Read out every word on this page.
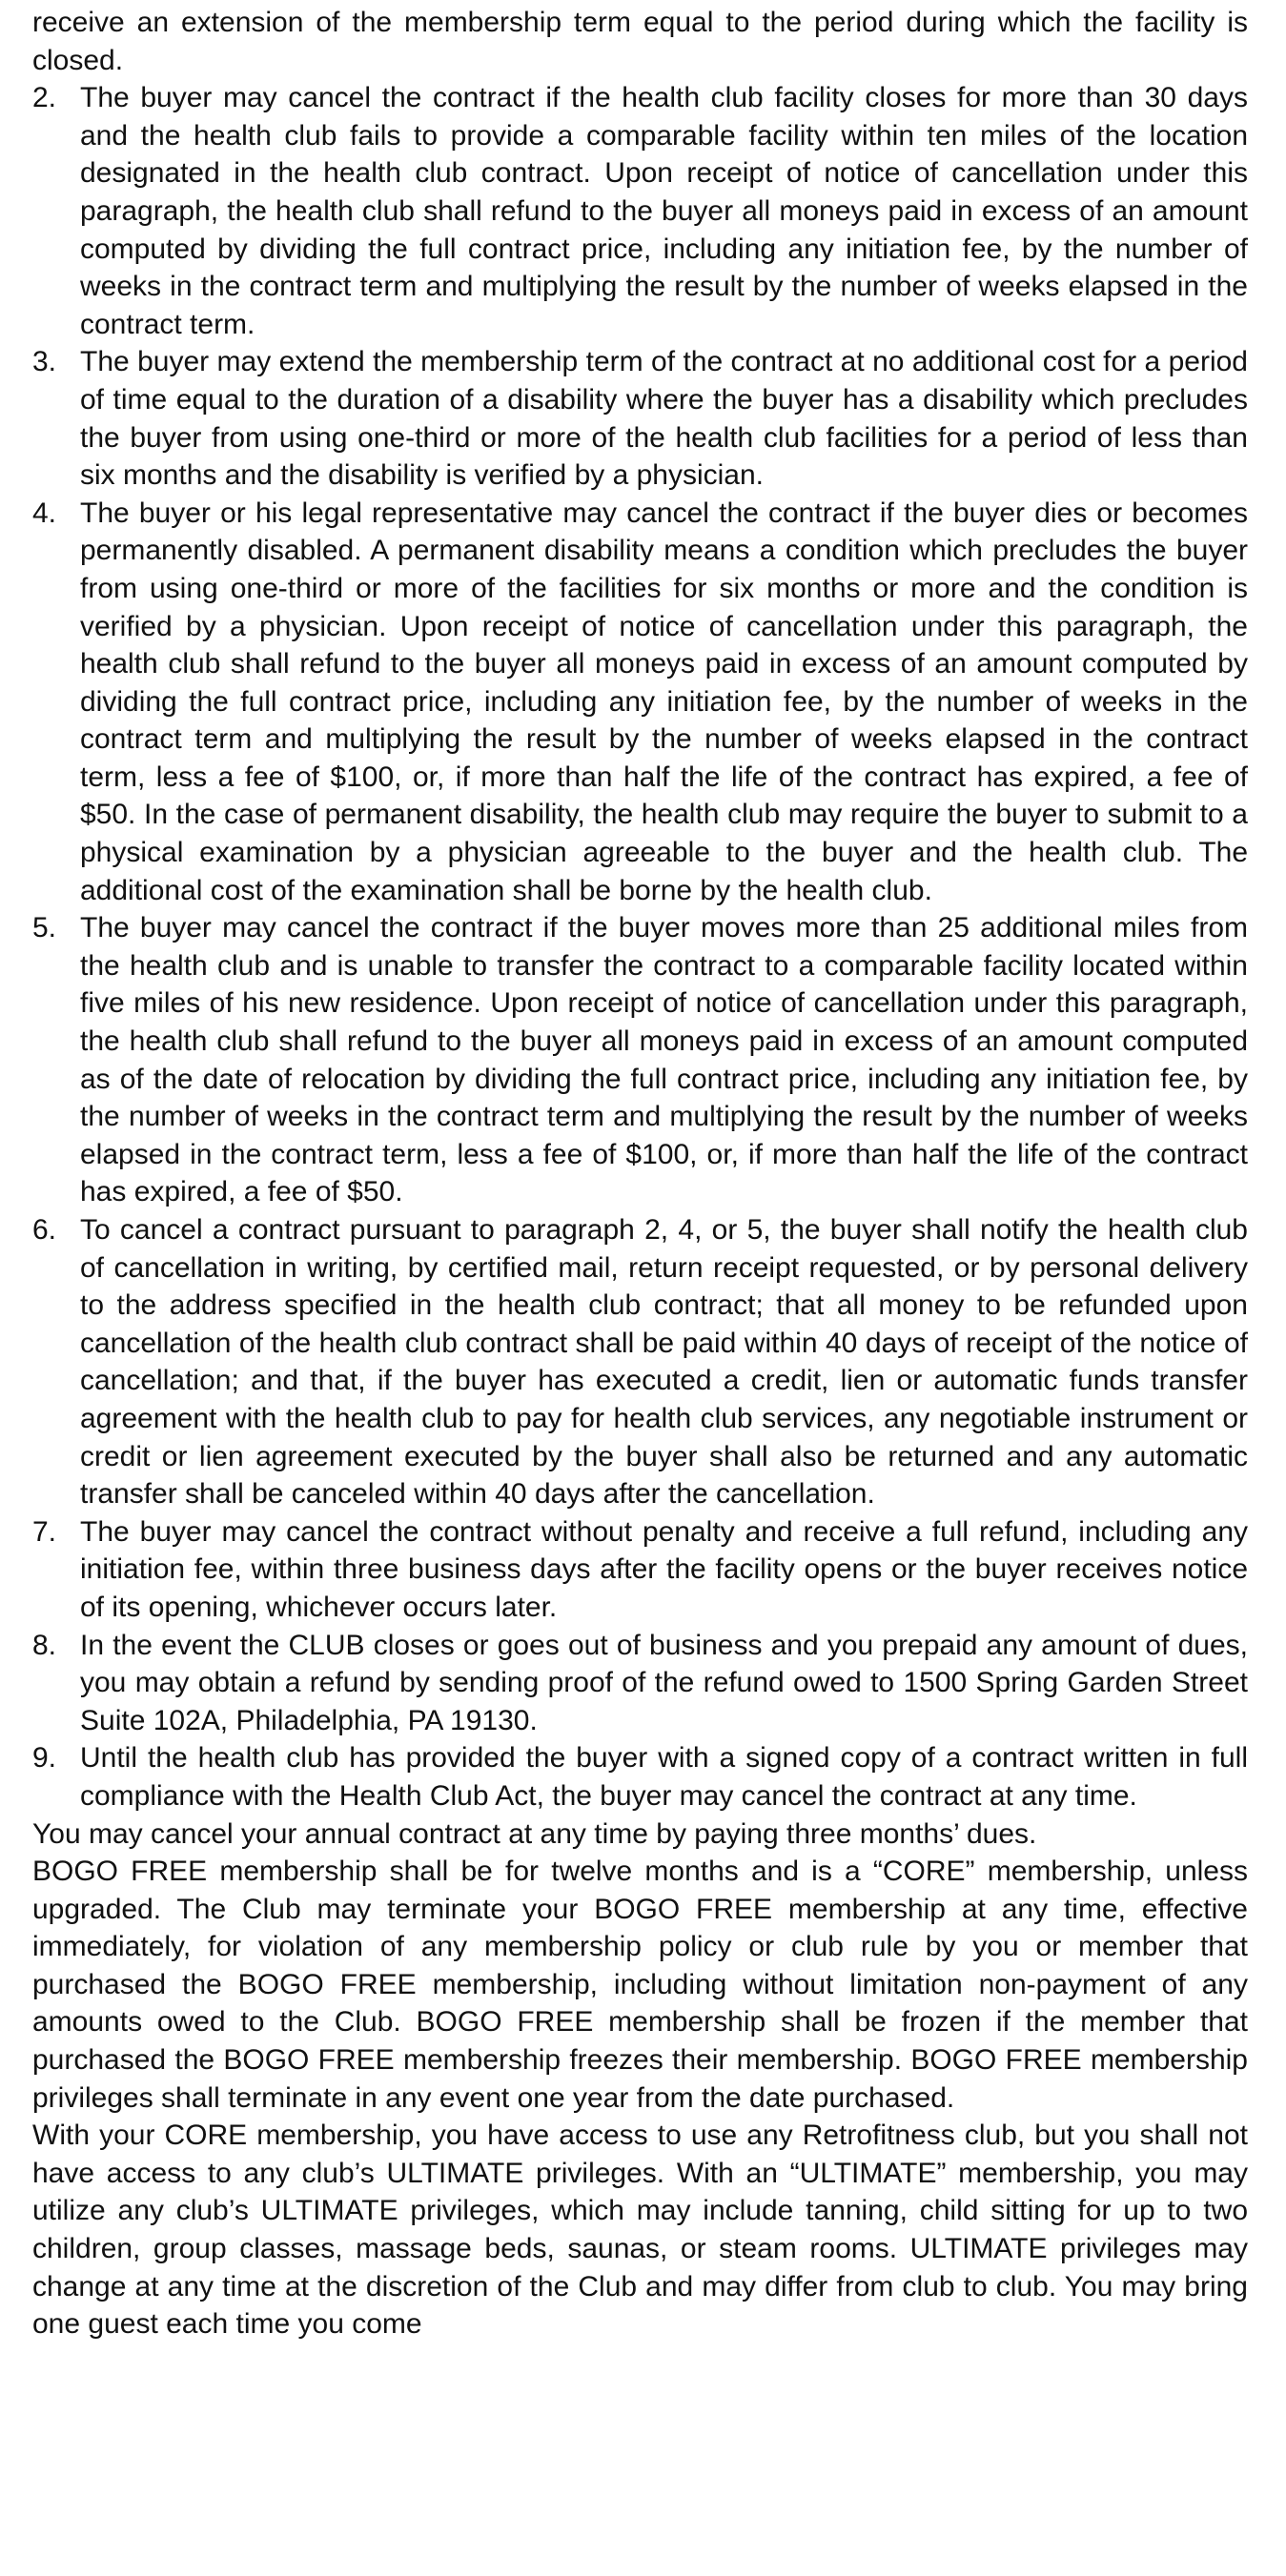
receive an extension of the membership term equal to the period during which the facility is closed.

2. The buyer may cancel the contract if the health club facility closes for more than 30 days and the health club fails to provide a comparable facility within ten miles of the location designated in the health club contract. Upon receipt of notice of cancellation under this paragraph, the health club shall refund to the buyer all moneys paid in excess of an amount computed by dividing the full contract price, including any initiation fee, by the number of weeks in the contract term and multiplying the result by the number of weeks elapsed in the contract term.
3. The buyer may extend the membership term of the contract at no additional cost for a period of time equal to the duration of a disability where the buyer has a disability which precludes the buyer from using one-third or more of the health club facilities for a period of less than six months and the disability is verified by a physician.
4. The buyer or his legal representative may cancel the contract if the buyer dies or becomes permanently disabled. A permanent disability means a condition which precludes the buyer from using one-third or more of the facilities for six months or more and the condition is verified by a physician. Upon receipt of notice of cancellation under this paragraph, the health club shall refund to the buyer all moneys paid in excess of an amount computed by dividing the full contract price, including any initiation fee, by the number of weeks in the contract term and multiplying the result by the number of weeks elapsed in the contract term, less a fee of $100, or, if more than half the life of the contract has expired, a fee of $50. In the case of permanent disability, the health club may require the buyer to submit to a physical examination by a physician agreeable to the buyer and the health club. The additional cost of the examination shall be borne by the health club.
5. The buyer may cancel the contract if the buyer moves more than 25 additional miles from the health club and is unable to transfer the contract to a comparable facility located within five miles of his new residence. Upon receipt of notice of cancellation under this paragraph, the health club shall refund to the buyer all moneys paid in excess of an amount computed as of the date of relocation by dividing the full contract price, including any initiation fee, by the number of weeks in the contract term and multiplying the result by the number of weeks elapsed in the contract term, less a fee of $100, or, if more than half the life of the contract has expired, a fee of $50.
6. To cancel a contract pursuant to paragraph 2, 4, or 5, the buyer shall notify the health club of cancellation in writing, by certified mail, return receipt requested, or by personal delivery to the address specified in the health club contract; that all money to be refunded upon cancellation of the health club contract shall be paid within 40 days of receipt of the notice of cancellation; and that, if the buyer has executed a credit, lien or automatic funds transfer agreement with the health club to pay for health club services, any negotiable instrument or credit or lien agreement executed by the buyer shall also be returned and any automatic transfer shall be canceled within 40 days after the cancellation.
7. The buyer may cancel the contract without penalty and receive a full refund, including any initiation fee, within three business days after the facility opens or the buyer receives notice of its opening, whichever occurs later.
8. In the event the CLUB closes or goes out of business and you prepaid any amount of dues, you may obtain a refund by sending proof of the refund owed to 1500 Spring Garden Street Suite 102A, Philadelphia, PA 19130.
9. Until the health club has provided the buyer with a signed copy of a contract written in full compliance with the Health Club Act, the buyer may cancel the contract at any time.

You may cancel your annual contract at any time by paying three months’ dues.

BOGO FREE membership shall be for twelve months and is a “CORE” membership, unless upgraded. The Club may terminate your BOGO FREE membership at any time, effective immediately, for violation of any membership policy or club rule by you or member that purchased the BOGO FREE membership, including without limitation non-payment of any amounts owed to the Club. BOGO FREE membership shall be frozen if the member that purchased the BOGO FREE membership freezes their membership. BOGO FREE membership privileges shall terminate in any event one year from the date purchased.

With your CORE membership, you have access to use any Retrofitness club, but you shall not have access to any club’s ULTIMATE privileges. With an “ULTIMATE” membership, you may utilize any club’s ULTIMATE privileges, which may include tanning, child sitting for up to two children, group classes, massage beds, saunas, or steam rooms. ULTIMATE privileges may change at any time at the discretion of the Club and may differ from club to club. You may bring one guest each time you come
